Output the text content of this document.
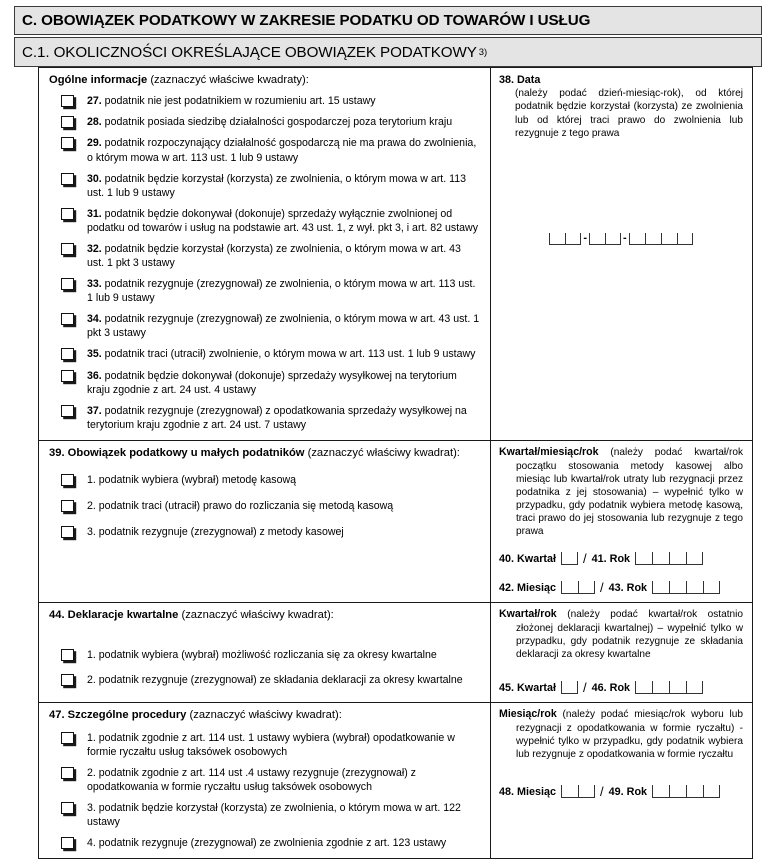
C. OBOWIĄZEK PODATKOWY W ZAKRESIE PODATKU OD TOWARÓW I USŁUG
C.1. OKOLICZNOŚCI OKREŚLAJĄCE OBOWIĄZEK PODATKOWY 3)
Ogólne informacje (zaznaczyć właściwe kwadraty):
27. podatnik nie jest podatnikiem w rozumieniu art. 15 ustawy
28. podatnik posiada siedzibę działalności gospodarczej poza terytorium kraju
29. podatnik rozpoczynający działalność gospodarczą nie ma prawa do zwolnienia, o którym mowa w art. 113 ust. 1 lub 9 ustawy
30. podatnik będzie korzystał (korzysta) ze zwolnienia, o którym mowa w art. 113 ust. 1 lub 9 ustawy
31. podatnik będzie dokonywał (dokonuje) sprzedaży wyłącznie zwolnionej od podatku od towarów i usług na podstawie art. 43 ust. 1, z wył. pkt 3, i art. 82 ustawy
32. podatnik będzie korzystał (korzysta) ze zwolnienia, o którym mowa w art. 43 ust. 1 pkt 3 ustawy
33. podatnik rezygnuje (zrezygnował) ze zwolnienia, o którym mowa w art. 113 ust. 1 lub 9 ustawy
34. podatnik rezygnuje (zrezygnował) ze zwolnienia, o którym mowa w art. 43 ust. 1 pkt 3 ustawy
35. podatnik traci (utracił) zwolnienie, o którym mowa w art. 113 ust. 1 lub 9 ustawy
36. podatnik będzie dokonywał (dokonuje) sprzedaży wysyłkowej na terytorium kraju zgodnie z art. 24 ust. 4 ustawy
37. podatnik rezygnuje (zrezygnował) z opodatkowania sprzedaży wysyłkowej na terytorium kraju zgodnie z art. 24 ust. 7 ustawy

38. Data
(należy podać dzień-miesiąc-rok), od której podatnik będzie korzystał (korzysta) ze zwolnienia lub od której traci prawo do zwolnienia lub rezygnuje z tego prawa
-	-

39. Obowiązek podatkowy u małych podatników (zaznaczyć właściwy kwadrat):
1. podatnik wybiera (wybrał) metodę kasową
2. podatnik traci (utracił) prawo do rozliczania się metodą kasową
3. podatnik rezygnuje (zrezygnował) z metody kasowej

Kwartał/miesiąc/rok (należy podać kwartał/rok początku stosowania metody kasowej albo miesiąc lub kwartał/rok utraty lub rezygnacji przez podatnika z jej stosowania) – wypełnić tylko w przypadku, gdy podatnik wybiera metodę kasową, traci prawo do jej stosowania lub rezygnuje z tego prawa
40. Kwartał	/ 41. Rok
42. Miesiąc	/ 43. Rok

44. Deklaracje kwartalne (zaznaczyć właściwy kwadrat):
1. podatnik wybiera (wybrał) możliwość rozliczania się za okresy kwartalne
2. podatnik rezygnuje (zrezygnował) ze składania deklaracji za okresy kwartalne

Kwartał/rok (należy podać kwartał/rok ostatnio złożonej deklaracji kwartalnej) – wypełnić tylko w przypadku, gdy podatnik rezygnuje ze składania deklaracji za okresy kwartalne
45. Kwartał	/ 46. Rok

47. Szczególne procedury (zaznaczyć właściwy kwadrat):
1. podatnik zgodnie z art. 114 ust. 1 ustawy wybiera (wybrał) opodatkowanie w formie ryczałtu usług taksówek osobowych
2. podatnik zgodnie z art. 114 ust .4 ustawy rezygnuje (zrezygnował) z opodatkowania w formie ryczałtu usług taksówek osobowych
3. podatnik będzie korzystał (korzysta) ze zwolnienia, o którym mowa w art. 122 ustawy
4. podatnik rezygnuje (zrezygnował) ze zwolnienia zgodnie z art. 123 ustawy

Miesiąc/rok (należy podać miesiąc/rok wyboru lub rezygnacji z opodatkowania w formie ryczałtu) - wypełnić tylko w przypadku, gdy podatnik wybiera lub rezygnuje z opodatkowania w formie ryczałtu
48. Miesiąc	/ 49. Rok
